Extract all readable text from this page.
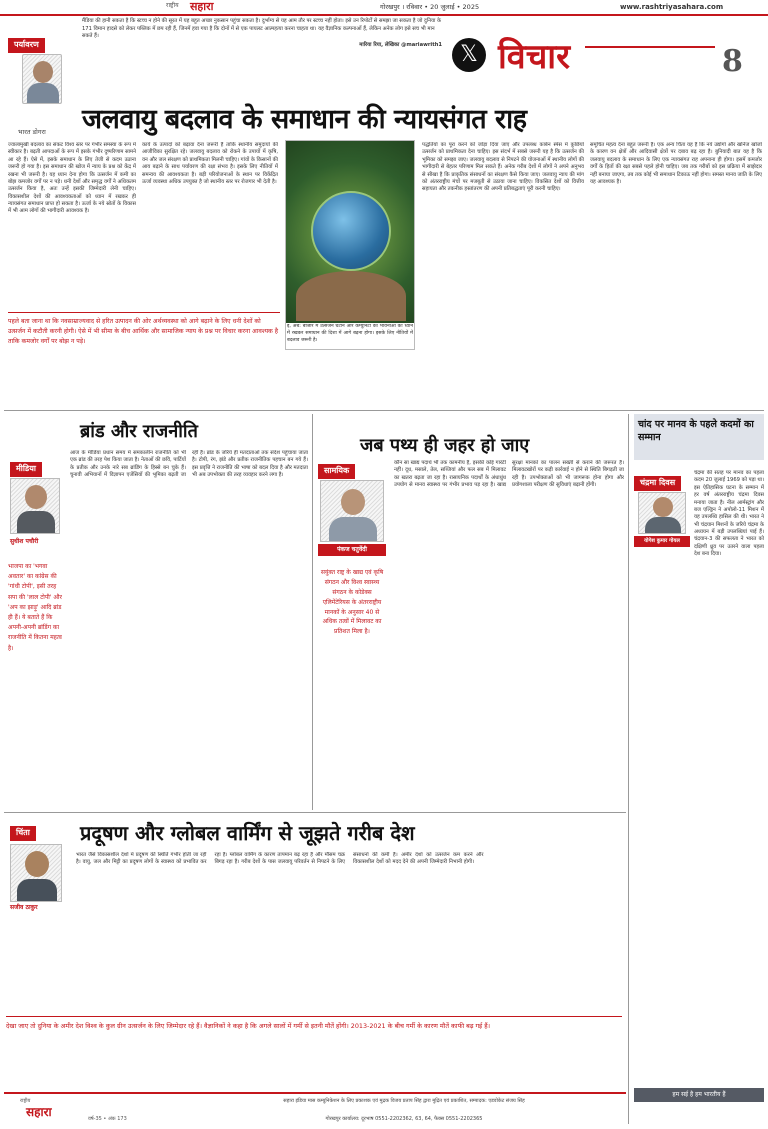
राष्ट्रीय सहारा	गोरखपुर । रविवार • 20 जुलाई • 2025	www.rashtriyasahara.com
मैंडिया की हानी सकता है कि स्टच्च न होने की सूरत में यह बहुत अच्छा नुकसान पहुंचा सकता है। दुर्भाग्य से यह आम तौर पर स्टच्च नहीं होता। इसे उन रिपोर्टों से समझा जा सकता है जो दुनिया के 171 विमान हादसे को लेकर पब्लिक में छप रही हैं, जिनमें हवा गया है कि दोनों में से एक पायलट आत्महत्या करना चाहता था। यह वैज्ञानिक कल्पनाओं हैं, लेकिन अनेक लोग इसे सच भी मान सकते हैं।
मारिया रिया, लेखिका @mariawrith1 𝕏 विचार	8
पर्यावरण
भारत डोगरा जलवायु बदलाव के समाधान की न्यायसंगत राह
ज्वालामुखी बदलाव का संकट विश्व स्तर पर गंभीर समस्या के रूप में स्वीकार है। बढ़ती आपदाओं के रूप में इसके गंभीर दुष्परिणाम सामने आ रहे हैं। ऐसे में, इसके समाधान के लिए तेजी से कदम उठाना जरूरी हो गया है। इस समाधान की खोज में न्याय के प्रश्न को केंद्र में रखना भी जरूरी है। यह ध्यान देना होगा कि उत्सर्जन में कमी का बोझ कमजोर वर्गों पर न पड़े। धनी देशों और समृद्ध वर्गों ने अधिकतम उत्सर्जन किया है, अतः उन्हें इसकी जिम्मेदारी लेनी चाहिए। विकासशील देशों की आवश्यकताओं को ध्यान में रखकर ही न्यायसंगत समाधान प्राप्त हो सकता है। ऊर्जा के नये स्रोतों के विकास में भी आम लोगों की भागीदारी आवश्यक है।
कार्य के उत्पादों को बढ़ावा देना जरूरी है ताकि स्थानीय समुदायों की आजीविका सुरक्षित रहे। जलवायु बदलाव को रोकने के उपायों में कृषि, वन और जल संरक्षण को प्राथमिकता मिलनी चाहिए। गांवों के किसानों की आय बढ़ाने के साथ पर्यावरण की रक्षा संभव है। इसके लिए नीतियों में समन्वय की आवश्यकता है। बड़ी परियोजनाओं के स्थान पर विकेंद्रित ऊर्जा व्यवस्था अधिक उपयुक्त है जो स्थानीय स्तर पर रोजगार भी देती है।
ई, अब: बाजार में उत्सर्जन घटाने और कम्युनिटी की भावनाओं को ध्यान में रखकर समाधान की दिशा में आगे बढ़ना होगा। इसके लिए नीतियों में बदलाव जरूरी है।
पद्धतियों का पूरा करने को जोड़ा दिया जाए और उपलब्ध कार्बन स्पेस में कुछियों उत्सर्जन को प्राथमिकता देना चाहिए। इस संदर्भ में सबसे जरूरी यह है कि उत्सर्जन की भूमिका को समझा जाए। जलवायु बदलाव से निपटने की योजनाओं में स्थानीय लोगों की भागीदारी से बेहतर परिणाम मिल सकते हैं। अनेक गरीब देशों में लोगों ने अपने अनुभव से सीखा है कि प्राकृतिक संसाधनों का संरक्षण कैसे किया जाए। जलवायु न्याय की मांग को अंतरराष्ट्रीय मंचों पर मजबूती से उठाया जाना चाहिए। विकसित देशों को वित्तीय सहायता और तकनीक हस्तांतरण की अपनी प्रतिबद्धताएं पूरी करनी चाहिए।
समूचित महत्व देना बहुत जरूरी है। एक अन्य चिंता यह है कि नये उद्योगों और खनिज खोजों के कारण वन क्षेत्रों और आदिवासी क्षेत्रों पर दबाव बढ़ रहा है। बुनियादी बात यह है कि जलवायु बदलाव के समाधान के लिए एक न्यायसंगत राह अपनाना ही होगा। इसमें कमजोर वर्गों के हितों की रक्षा सबसे पहले होनी चाहिए। जब तक गरीबों को इस प्रक्रिया में साझेदार नहीं बनाया जाएगा, तब तक कोई भी समाधान टिकाऊ नहीं होगा। समस्त मानव जाति के लिए यह आवश्यक है।
पहले बता जाना था कि नवसाम्राज्यवाद से हरित उत्पादन की ओर अर्थव्यवस्था को आगे बढ़ाने के लिए धनी देशों को उत्सर्जन में कटौती करनी होगी। ऐसे में भी सीमा के बीच आर्थिक और सामाजिक न्याय के प्रश्न पर विचार करना आवश्यक है ताकि कमजोर वर्गों पर बोझ न पड़े।
ब्रांड और राजनीति
मीडिया
सुधीश पचौरी
भाजपा का 'भगवा अवतार' का कांग्रेस की 'गांधी टोपी', इसी तरह सपा की 'लाल टोपी' और 'अप का झाड़ू' आदि ब्रांड ही हैं। ये बताते हैं कि अपनी-अपनी ब्रांडिंग का राजनीति में कितना महत्व है।
आज के मीडिया प्रधान समय में समकालीन राजनीति को भी एक ब्रांड की तरह पेश किया जाता है। नेताओं की छवि, पार्टियों के प्रतीक और उनके नारे सब ब्रांडिंग के हिस्से बन चुके हैं। चुनावी अभियानों में विज्ञापन एजेंसियों की भूमिका बढ़ती जा रही है। ब्रांड के जरिये ही मतदाताओं तक संदेश पहुंचाया जाता है। टोपी, रंग, झंडे और प्रतीक राजनीतिक पहचान बन गये हैं। इस प्रवृत्ति ने राजनीति की भाषा को बदल दिया है और मतदाता भी अब उपभोक्ता की तरह व्यवहार करने लगा है।
जब पथ्य ही जहर हो जाए
सामयिक
पंकज चतुर्वेदी
सयुंक्त राष्ट्र के खाद्य एवं कृषि संगठन और विश्व स्वास्थ्य संगठन के कोडेक्स एलिमेंटेरियस के अंतरराष्ट्रीय मानकों के अनुसार 40 से अधिक तत्वों में मिलावट का प्रतिशत मिला है।
कौन सा खाद्य पदार्थ भी तक कामनीय है, इसकी कोई गारंटी नहीं। दूध, मसाले, तेल, सब्जियां और फल सब में मिलावट का खतरा बढ़ता जा रहा है। रासायनिक पदार्थों के अंधाधुंध उपयोग से मानव स्वास्थ्य पर गंभीर प्रभाव पड़ रहा है। खाद्य सुरक्षा मानकों का पालन सख्ती से कराने की जरूरत है। मिलावटखोरों पर कड़ी कार्रवाई न होने से स्थिति बिगड़ती जा रही है। उपभोक्ताओं को भी जागरूक होना होगा और प्रयोगशाला परीक्षण की सुविधाएं बढ़ानी होंगी।
चांद पर मानव के पहले कदमों का सम्मान
चंद्रमा दिवस
योगेश कुमार गोयल
चंद्रमा की सतह पर मानव का पहला कदम 20 जुलाई 1969 को पड़ा था। इस ऐतिहासिक घटना के सम्मान में हर वर्ष अंतरराष्ट्रीय चंद्रमा दिवस मनाया जाता है। नील आर्मस्ट्रांग और बज एल्ड्रिन ने अपोलो-11 मिशन में यह उपलब्धि हासिल की थी। भारत ने भी चंद्रयान मिशनों के जरिये चंद्रमा के अध्ययन में बड़ी उपलब्धियां पाई हैं। चंद्रयान-3 की सफलता ने भारत को दक्षिणी ध्रुव पर उतरने वाला पहला देश बना दिया।
हम सई है हम भारतीय हैं
प्रदूषण और ग्लोबल वार्मिंग से जूझते गरीब देश
चिंता
सजीव ठाकुर
भारत जैसे विकासशील देशों में प्रदूषण की स्थिति गंभीर होती जा रही है। वायु, जल और मिट्टी का प्रदूषण लोगों के स्वास्थ्य को प्रभावित कर रहा है। ग्लोबल वार्मिंग के कारण तापमान बढ़ रहा है और मौसम चक्र बिगड़ रहा है। गरीब देशों के पास जलवायु परिवर्तन से निपटने के लिए संसाधनों की कमी है। अमीर देशों को उत्सर्जन कम करने और विकासशील देशों को मदद देने की अपनी जिम्मेदारी निभानी होगी।
देखा जाए तो दुनिया के अमीर देश विश्व के कुल ग्रीन उत्सर्जन के लिए जिम्मेदार रहे हैं। वैज्ञानिकों ने कहा है कि अगले सालों में गर्मी से इतनी मौतें होंगी। 2013-2021 के बीच गर्मी के कारण मौतें काफी बढ़ गई हैं।
राष्ट्रीय
सहारा	वर्ष-35 • अंक 173
सहारा इंडिया मास कम्युनिकेशन के लिए प्रकाशक एवं मुद्रक विजय प्रताप सिंह द्वारा मुद्रित एवं प्रकाशित, सम्पादक: एडवोकेट संजय सिंह
गोरखपुर कार्यालय: दूरभाष 0551-2202362, 63, 64, फैक्स 0551-2202365
